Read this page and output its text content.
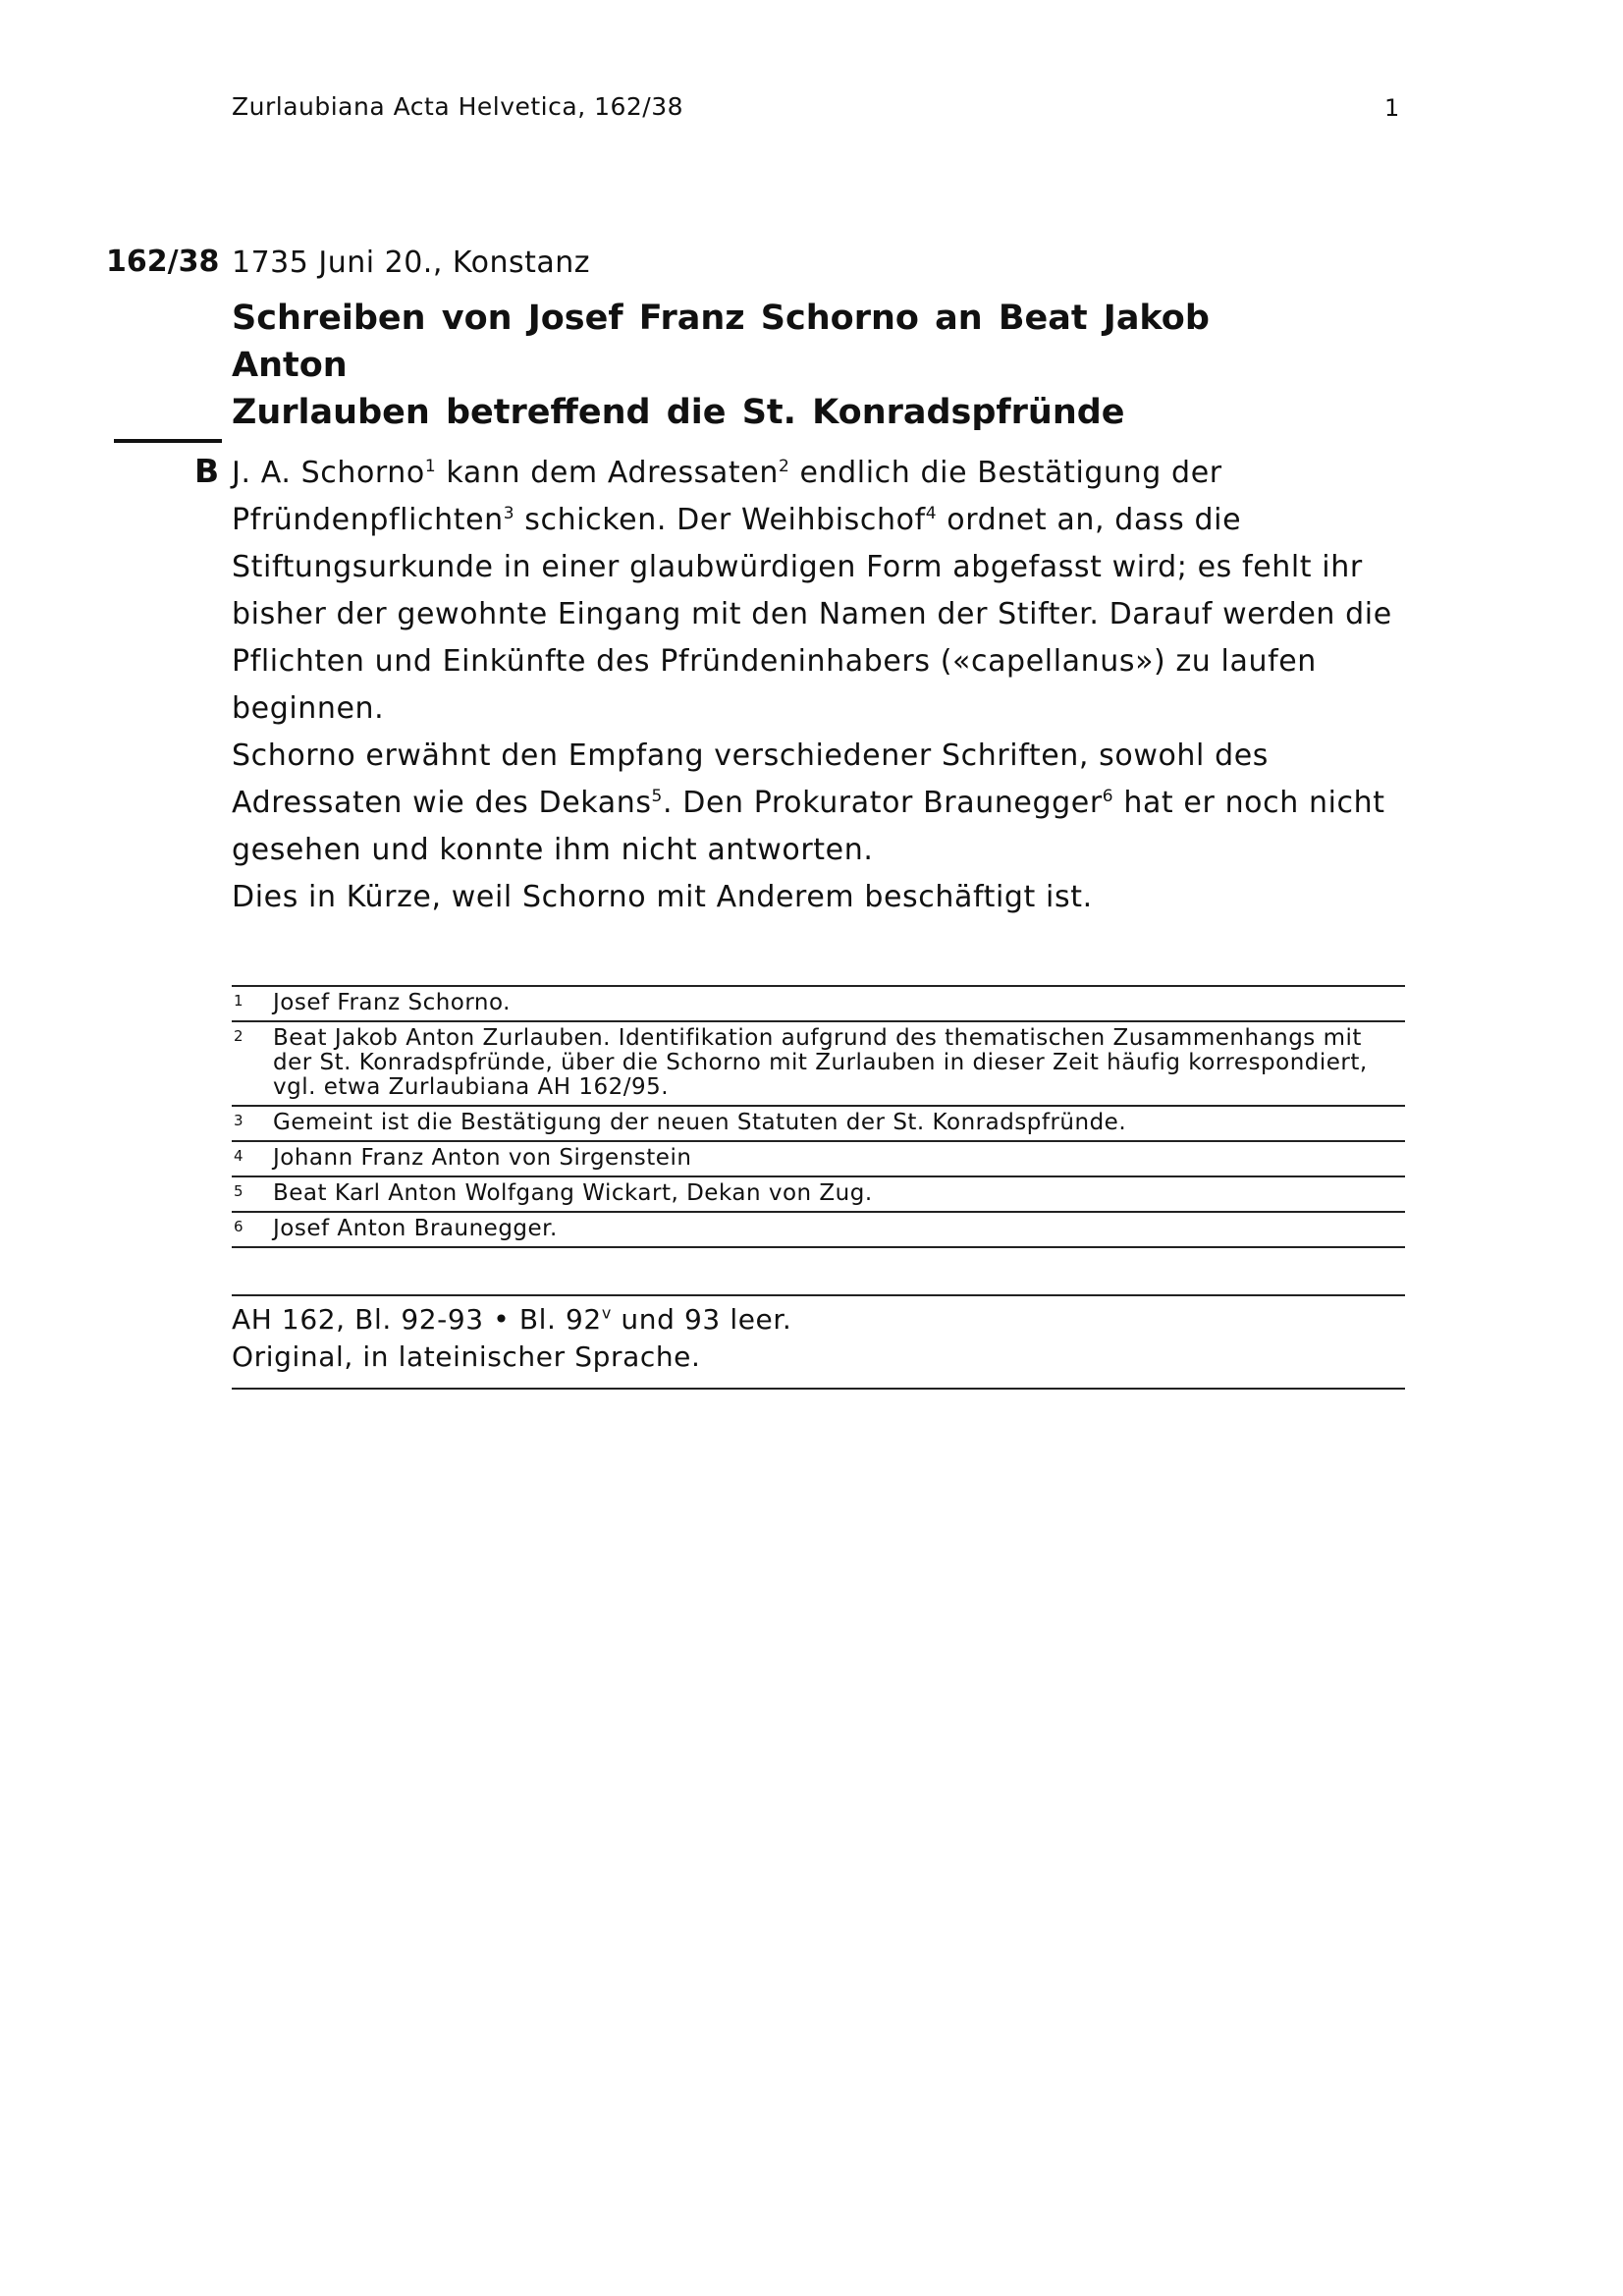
Zurlaubiana Acta Helvetica, 162/38	1
162/38 1735 Juni 20., Konstanz
Schreiben von Josef Franz Schorno an Beat Jakob Anton
Zurlauben betreffend die St. Konradspfründe
B J. A. Schorno$^1$ kann dem Adressaten$^2$ endlich die Bestätigung der Pfründenpflichten$^3$ schicken. Der Weihbischof$^4$ ordnet an, dass die Stiftungsurkunde in einer glaubwürdigen Form abgefasst wird; es fehlt ihr bisher der gewohnte Eingang mit den Namen der Stifter. Darauf werden die Pflichten und Einkünfte des Pfründeninhabers («capellanus») zu laufen beginnen.

Schorno erwähnt den Empfang verschiedener Schriften, sowohl des Adressaten wie des Dekans$^5$. Den Prokurator Braunegger$^6$ hat er noch nicht gesehen und konnte ihm nicht antworten.

Dies in Kürze, weil Schorno mit Anderem beschäftigt ist.

1 Josef Franz Schorno.
2 Beat Jakob Anton Zurlauben. Identifikation aufgrund des thematischen Zusammenhangs mit der St. Konradspfründe, über die Schorno mit Zurlauben in dieser Zeit häufig korrespondiert, vgl. etwa Zurlaubiana AH 162/95.
3 Gemeint ist die Bestätigung der neuen Statuten der St. Konradspfründe.
4 Johann Franz Anton von Sirgenstein
5 Beat Karl Anton Wolfgang Wickart, Dekan von Zug.
6 Josef Anton Braunegger.
AH 162, Bl. 92-93 • Bl. 92$^v$ und 93 leer.
Original, in lateinischer Sprache.
